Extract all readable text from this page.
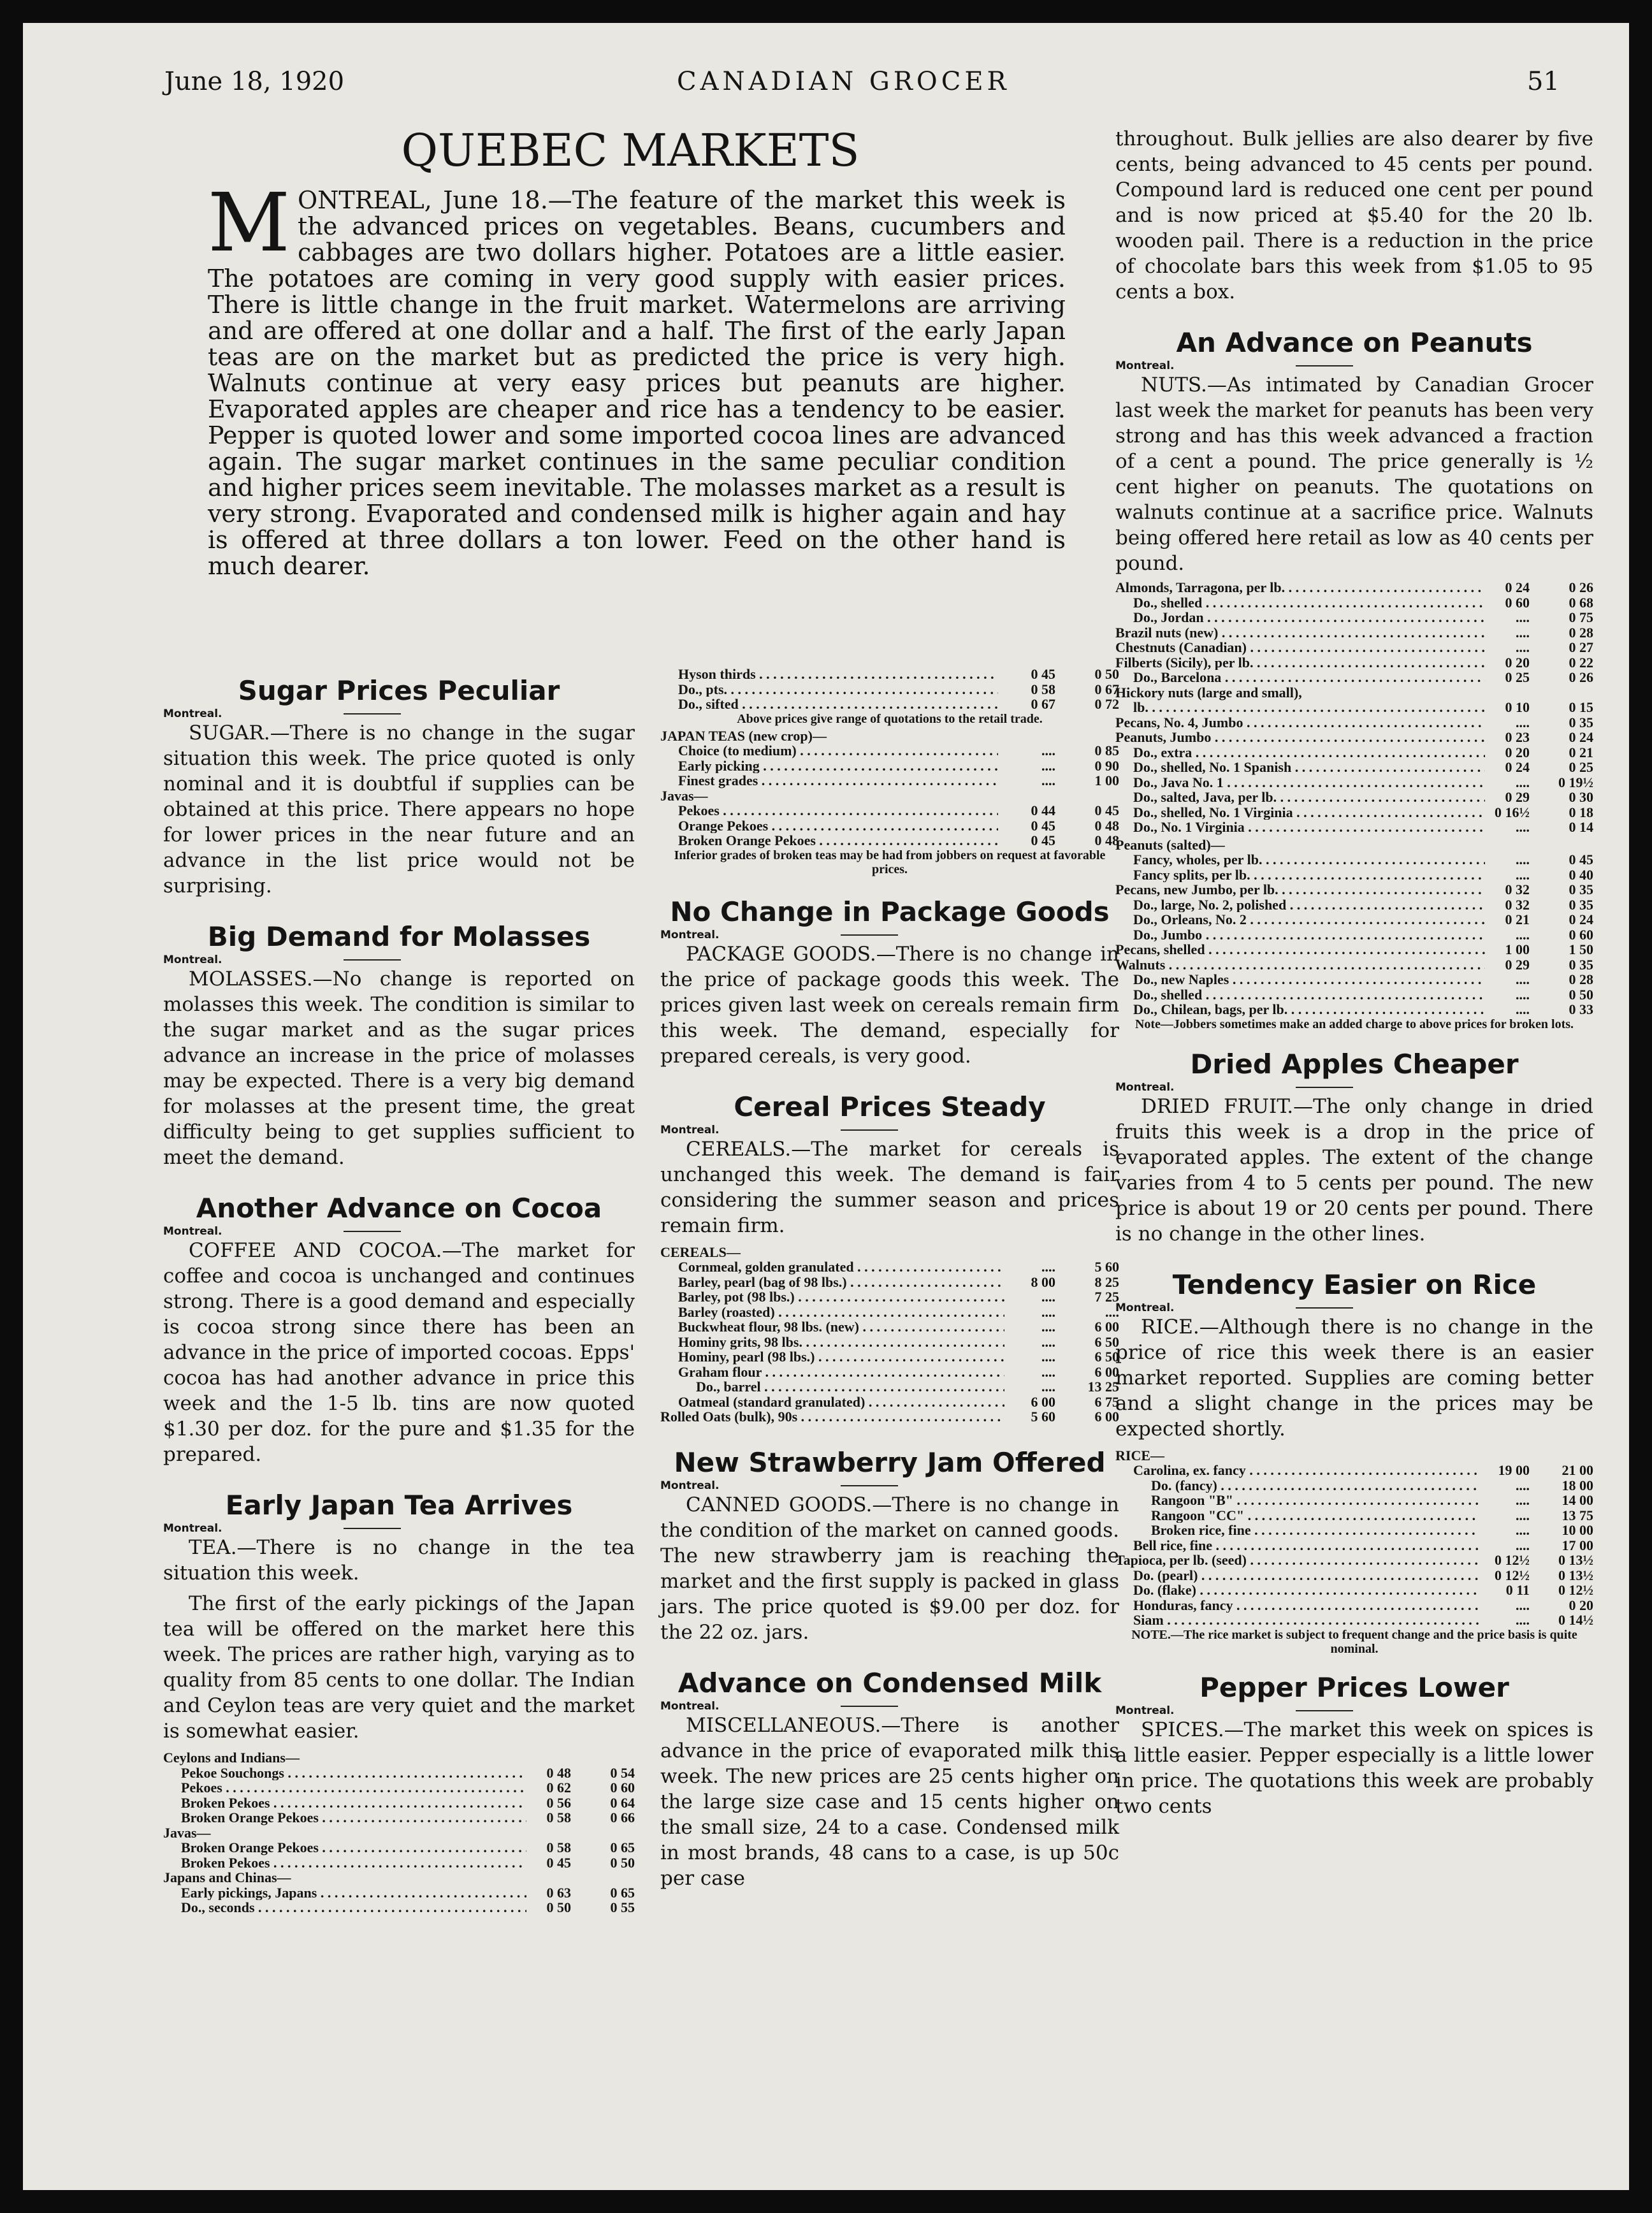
June 18, 1920	CANADIAN GROCER	51
QUEBEC MARKETS
M ONTREAL, June 18.—The feature of the market this week is the advanced prices on vegetables. Beans, cucumbers and cabbages are two dollars higher. Potatoes are a little easier. The potatoes are coming in very good supply with easier prices. There is little change in the fruit market. Watermelons are arriving and are offered at one dollar and a half. The first of the early Japan teas are on the market but as predicted the price is very high. Walnuts continue at very easy prices but peanuts are higher. Evaporated apples are cheaper and rice has a tendency to be easier. Pepper is quoted lower and some imported cocoa lines are advanced again. The sugar market continues in the same peculiar condition and higher prices seem inevitable. The molasses market as a result is very strong. Evaporated and condensed milk is higher again and hay is offered at three dollars a ton lower. Feed on the other hand is much dearer.
Sugar Prices Peculiar
Montreal.

SUGAR.—There is no change in the sugar situation this week. The price quoted is only nominal and it is doubtful if supplies can be obtained at this price. There appears no hope for lower prices in the near future and an advance in the list price would not be surprising.

Big Demand for Molasses
Montreal.

MOLASSES.—No change is reported on molasses this week. The condition is similar to the sugar market and as the sugar prices advance an increase in the price of molasses may be expected. There is a very big demand for molasses at the present time, the great difficulty being to get supplies sufficient to meet the demand.

Another Advance on Cocoa
Montreal.

COFFEE AND COCOA.—The market for coffee and cocoa is unchanged and continues strong. There is a good demand and especially is cocoa strong since there has been an advance in the price of imported cocoas. Epps' cocoa has had another advance in price this week and the 1-5 lb. tins are now quoted $1.30 per doz. for the pure and $1.35 for the prepared.

Early Japan Tea Arrives
Montreal.

TEA.—There is no change in the tea situation this week.

The first of the early pickings of the Japan tea will be offered on the market here this week. The prices are rather high, varying as to quality from 85 cents to one dollar. The Indian and Ceylon teas are very quiet and the market is somewhat easier.

Ceylons and Indians—
Pekoe Souchongs . . .	0 48	0 54
Pekoes . . .	0 62	0 60
Broken Pekoes . . .	0 56	0 64
Broken Orange Pekoes . . .	0 58	0 66
Javas—
Broken Orange Pekoes . . .	0 58	0 65
Broken Pekoes . . .	0 45	0 50
Japans and Chinas—
Early pickings, Japans . . .	0 63	0 65
Do., seconds . . .	0 50	0 55
Hyson thirds . . .	0 45	0 50
Do., pts. . . .	0 58	0 67
Do., sifted . . .	0 67	0 72
Above prices give range of quotations to the retail trade.
JAPAN TEAS (new crop)—
Choice (to medium) . . .	....	0 85
Early picking . . .	....	0 90
Finest grades . . .	....	1 00
Javas—
Pekoes . . .	0 44	0 45
Orange Pekoes . . .	0 45	0 48
Broken Orange Pekoes . . .	0 45	0 48
Inferior grades of broken teas may be had from jobbers on request at favorable prices.
No Change in Package Goods
Montreal.

PACKAGE GOODS.—There is no change in the price of package goods this week. The prices given last week on cereals remain firm this week. The demand, especially for prepared cereals, is very good.

Cereal Prices Steady
Montreal.

CEREALS.—The market for cereals is unchanged this week. The demand is fair considering the summer season and prices remain firm.

CEREALS—
Cornmeal, golden granulated . . .	....	5 60
Barley, pearl (bag of 98 lbs.) . . .	8 00	8 25
Barley, pot (98 lbs.) . . .	....	7 25
Barley (roasted) . . .	....	....
Buckwheat flour, 98 lbs. (new) . . .	....	6 00
Hominy grits, 98 lbs. . . .	....	6 50
Hominy, pearl (98 lbs.) . . .	....	6 50
Graham flour . . .	....	6 00
Do., barrel . . .	....	13 25
Oatmeal (standard granulated) . . .	6 00	6 75
Rolled Oats (bulk), 90s . . .	5 60	6 00
New Strawberry Jam Offered
Montreal.

CANNED GOODS.—There is no change in the condition of the market on canned goods. The new strawberry jam is reaching the market and the first supply is packed in glass jars. The price quoted is $9.00 per doz. for the 22 oz. jars.

Advance on Condensed Milk
Montreal.

MISCELLANEOUS.—There is another advance in the price of evaporated milk this week. The new prices are 25 cents higher on the large size case and 15 cents higher on the small size, 24 to a case. Condensed milk in most brands, 48 cans to a case, is up 50c per case

throughout. Bulk jellies are also dearer by five cents, being advanced to 45 cents per pound. Compound lard is reduced one cent per pound and is now priced at $5.40 for the 20 lb. wooden pail. There is a reduction in the price of chocolate bars this week from $1.05 to 95 cents a box.

An Advance on Peanuts
Montreal.

NUTS.—As intimated by Canadian Grocer last week the market for peanuts has been very strong and has this week advanced a fraction of a cent a pound. The price generally is ½ cent higher on peanuts. The quotations on walnuts continue at a sacrifice price. Walnuts being offered here retail as low as 40 cents per pound.

Almonds, Tarragona, per lb. . . .	0 24	0 26
Do., shelled . . .	0 60	0 68
Do., Jordan . . .	....	0 75
Brazil nuts (new) . . .	....	0 28
Chestnuts (Canadian) . . .	....	0 27
Filberts (Sicily), per lb. . . .	0 20	0 22
Do., Barcelona . . .	0 25	0 26
Hickory nuts (large and small),
lb. . . .	0 10	0 15
Pecans, No. 4, Jumbo . . .	....	0 35
Peanuts, Jumbo . . .	0 23	0 24
Do., extra . . .	0 20	0 21
Do., shelled, No. 1 Spanish . . .	0 24	0 25
Do., Java No. 1 . . .	....	0 19½
Do., salted, Java, per lb. . . .	0 29	0 30
Do., shelled, No. 1 Virginia . . .	0 16½	0 18
Do., No. 1 Virginia . . .	....	0 14
Peanuts (salted)—
Fancy, wholes, per lb. . . .	....	0 45
Fancy splits, per lb. . . .	....	0 40
Pecans, new Jumbo, per lb. . . .	0 32	0 35
Do., large, No. 2, polished . . .	0 32	0 35
Do., Orleans, No. 2 . . .	0 21	0 24
Do., Jumbo . . .	....	0 60
Pecans, shelled . . .	1 00	1 50
Walnuts . . .	0 29	0 35
Do., new Naples . . .	....	0 28
Do., shelled . . .	....	0 50
Do., Chilean, bags, per lb. . . .	....	0 33
Note—Jobbers sometimes make an added charge to above prices for broken lots.
Dried Apples Cheaper
Montreal.

DRIED FRUIT.—The only change in dried fruits this week is a drop in the price of evaporated apples. The extent of the change varies from 4 to 5 cents per pound. The new price is about 19 or 20 cents per pound. There is no change in the other lines.

Tendency Easier on Rice
Montreal.

RICE.—Although there is no change in the price of rice this week there is an easier market reported. Supplies are coming better and a slight change in the prices may be expected shortly.

RICE—
Carolina, ex. fancy . . .	19 00	21 00
Do. (fancy) . . .	....	18 00
Rangoon "B" . . .	....	14 00
Rangoon "CC" . . .	....	13 75
Broken rice, fine . . .	....	10 00
Bell rice, fine . . .	....	17 00
Tapioca, per lb. (seed) . . .	0 12½	0 13½
Do. (pearl) . . .	0 12½	0 13½
Do. (flake) . . .	0 11	0 12½
Honduras, fancy . . .	....	0 20
Siam . . .	....	0 14½
NOTE.—The rice market is subject to frequent change and the price basis is quite nominal.
Pepper Prices Lower
Montreal.

SPICES.—The market this week on spices is a little easier. Pepper especially is a little lower in price. The quotations this week are probably two cents
